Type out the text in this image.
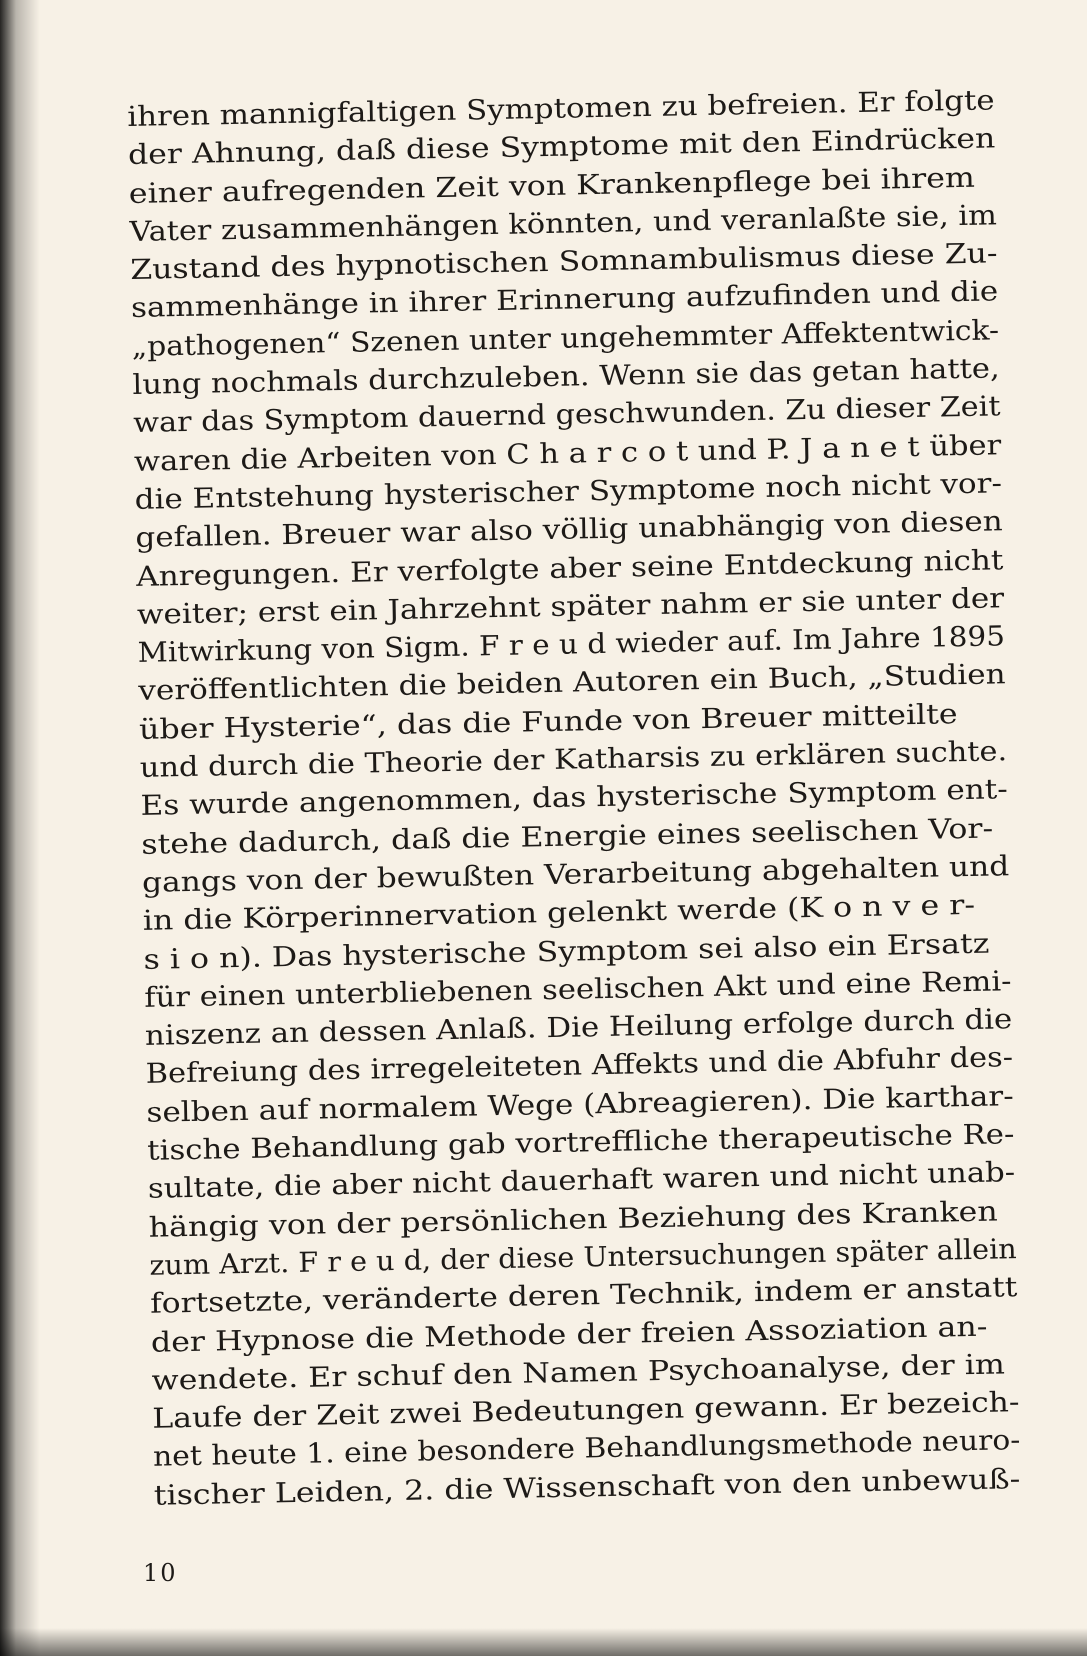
ihren mannigfaltigen Symptomen zu befreien. Er folgte
der Ahnung, daß diese Symptome mit den Eindrücken
einer aufregenden Zeit von Krankenpflege bei ihrem
Vater zusammenhängen könnten, und veranlaßte sie, im
Zustand des hypnotischen Somnambulismus diese Zu-
sammenhänge in ihrer Erinnerung aufzufinden und die
„pathogenen“ Szenen unter ungehemmter Affektentwick-
lung nochmals durchzuleben. Wenn sie das getan hatte,
war das Symptom dauernd geschwunden. Zu dieser Zeit
waren die Arbeiten von C h a r c o t und P. J a n e t über
die Entstehung hysterischer Symptome noch nicht vor-
gefallen. Breuer war also völlig unabhängig von diesen
Anregungen. Er verfolgte aber seine Entdeckung nicht
weiter; erst ein Jahrzehnt später nahm er sie unter der
Mitwirkung von Sigm. F r e u d wieder auf. Im Jahre 1895
veröffentlichten die beiden Autoren ein Buch, „Studien
über Hysterie“, das die Funde von Breuer mitteilte
und durch die Theorie der Katharsis zu erklären suchte.
Es wurde angenommen, das hysterische Symptom ent-
stehe dadurch, daß die Energie eines seelischen Vor-
gangs von der bewußten Verarbeitung abgehalten und
in die Körperinnervation gelenkt werde (K o n v e r-
s i o n). Das hysterische Symptom sei also ein Ersatz
für einen unterbliebenen seelischen Akt und eine Remi-
niszenz an dessen Anlaß. Die Heilung erfolge durch die
Befreiung des irregeleiteten Affekts und die Abfuhr des-
selben auf normalem Wege (Abreagieren). Die karthar-
tische Behandlung gab vortreffliche therapeutische Re-
sultate, die aber nicht dauerhaft waren und nicht unab-
hängig von der persönlichen Beziehung des Kranken
zum Arzt. F r e u d, der diese Untersuchungen später allein
fortsetzte, veränderte deren Technik, indem er anstatt
der Hypnose die Methode der freien Assoziation an-
wendete. Er schuf den Namen Psychoanalyse, der im
Laufe der Zeit zwei Bedeutungen gewann. Er bezeich-
net heute 1. eine besondere Behandlungsmethode neuro-
tischer Leiden, 2. die Wissenschaft von den unbewuß-
10
